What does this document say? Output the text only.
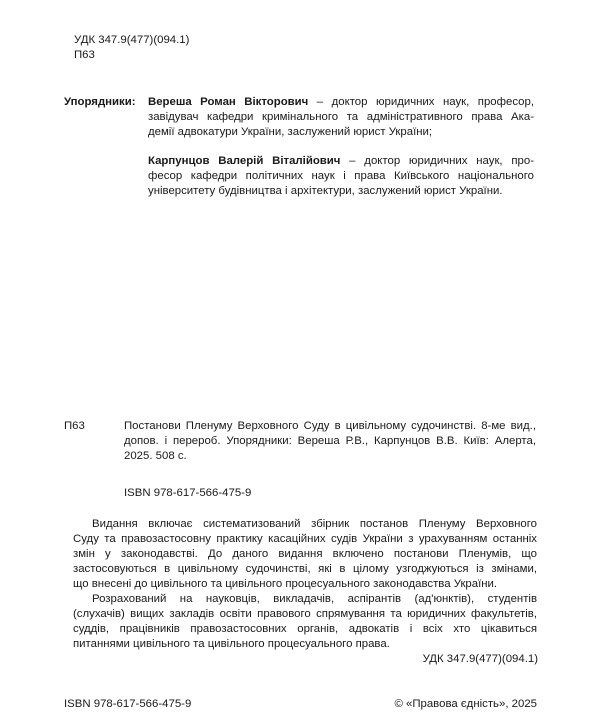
УДК 347.9(477)(094.1)
П63
Упорядники: Вереша Роман Вікторович – доктор юридичних наук, професор,
завідувач кафедри кримінального та адміністративного права Ака-
демії адвокатури України, заслужений юрист України;
Карпунцов Валерій Віталійович – доктор юридичних наук, про-
фесор кафедри політичних наук і права Київського національного
університету будівництва і архітектури, заслужений юрист України.
П63	Постанови Пленуму Верховного Суду в цивільному судочинстві. 8-ме вид.,
допов. і перероб. Упорядники: Вереша Р.В., Карпунцов В.В. Київ: Алерта,
2025. 508 с.
ISBN 978-617-566-475-9
Видання включає систематизований збірник постанов Пленуму Верховного
Суду та правозастосовну практику касаційних судів України з урахуванням останніх
змін у законодавстві. До даного видання включено постанови Пленумів, що
застосовуються в цивільному судочинстві, які в цілому узгоджуються із змінами,
що внесені до цивільного та цивільного процесуального законодавства України.
Розрахований на науковців, викладачів, аспірантів (ад'юнктів), студентів
(слухачів) вищих закладів освіти правового спрямування та юридичних факультетів,
суддів, працівників правозастосовних органів, адвокатів і всіх хто цікавиться
питаннями цивільного та цивільного процесуального права.
УДК 347.9(477)(094.1)
ISBN 978-617-566-475-9	© «Правова єдність», 2025
